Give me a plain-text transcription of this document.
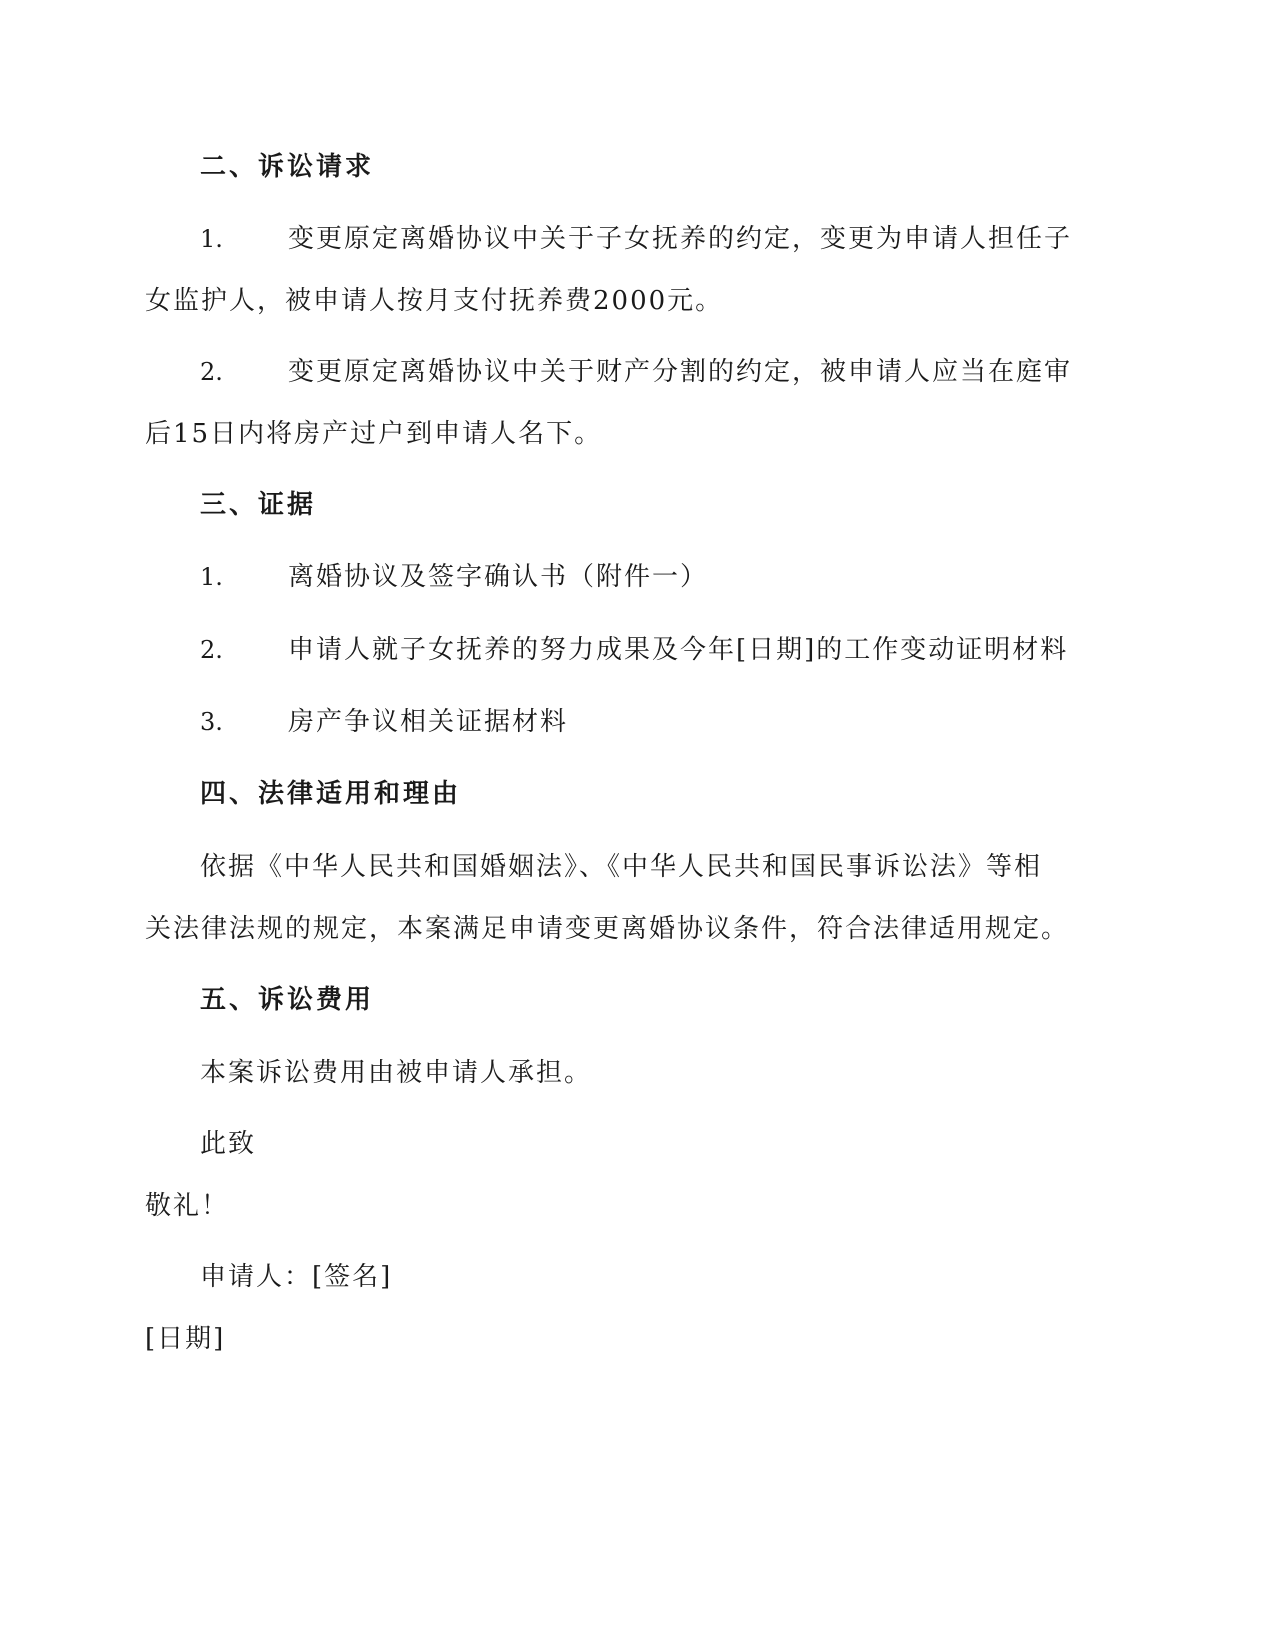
二、诉讼请求
1.	变更原定离婚协议中关于子女抚养的约定，变更为申请人担任子
女监护人，被申请人按月支付抚养费2000元。
2.	变更原定离婚协议中关于财产分割的约定，被申请人应当在庭审
后15日内将房产过户到申请人名下。
三、证据
1.	离婚协议及签字确认书（附件一）
2.	申请人就子女抚养的努力成果及今年[日期]的工作变动证明材料
3.	房产争议相关证据材料
四、法律适用和理由
依据《中华人民共和国婚姻法》、《中华人民共和国民事诉讼法》等相
关法律法规的规定，本案满足申请变更离婚协议条件，符合法律适用规定。
五、诉讼费用
本案诉讼费用由被申请人承担。
此致
敬礼！
申请人：[签名]
[日期]
